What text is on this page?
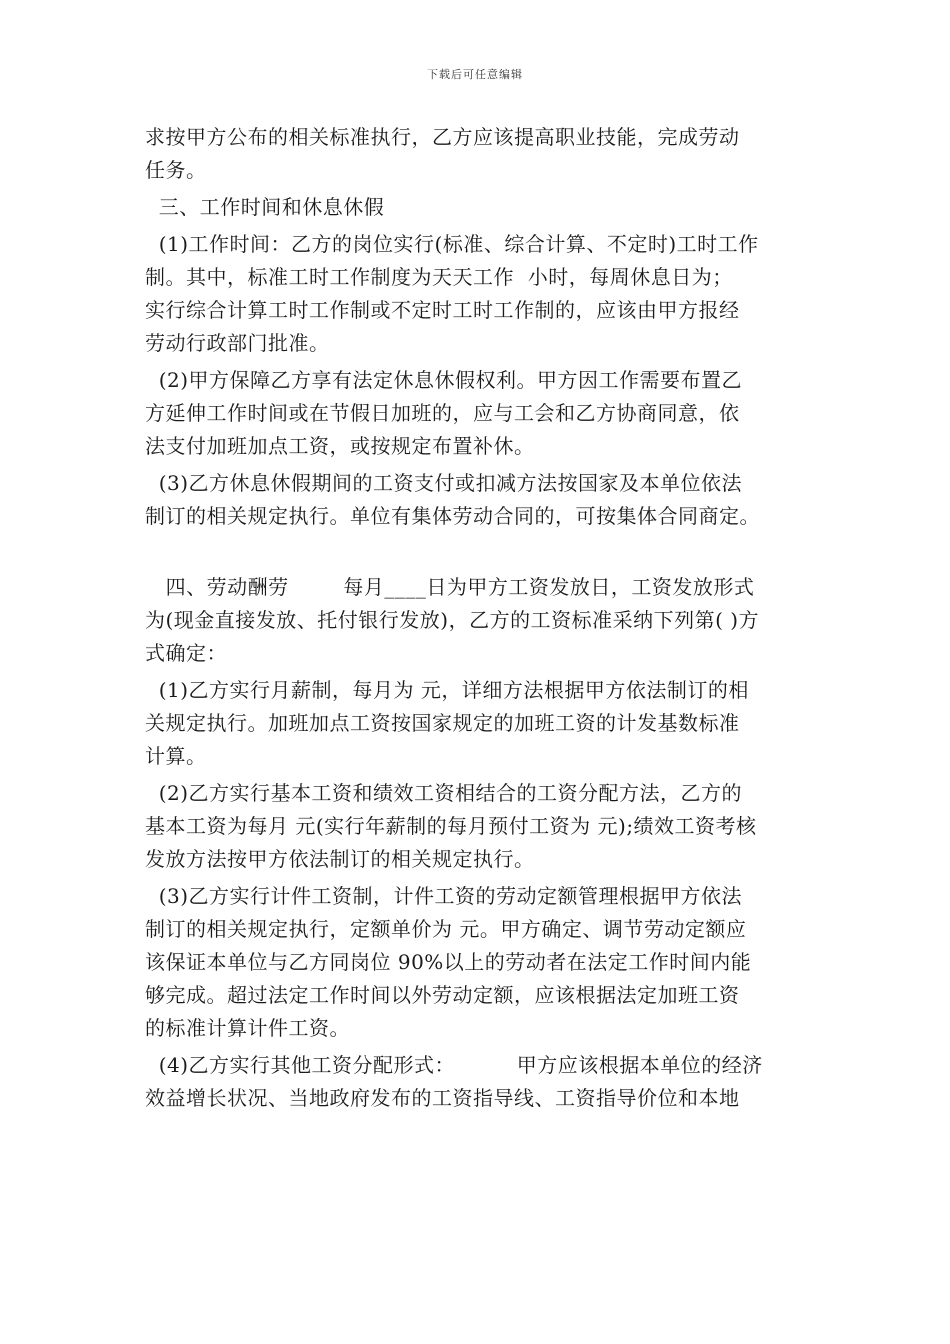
下载后可任意编辑
求按甲方公布的相关标准执行，乙方应该提高职业技能，完成劳动
任务。
三、工作时间和休息休假
(1)工作时间：乙方的岗位实行(标准、综合计算、不定时)工时工作
制。其中，标准工时工作制度为天天工作  小时，每周休息日为；
实行综合计算工时工作制或不定时工时工作制的，应该由甲方报经
劳动行政部门批准。
(2)甲方保障乙方享有法定休息休假权利。甲方因工作需要布置乙
方延伸工作时间或在节假日加班的，应与工会和乙方协商同意，依
法支付加班加点工资，或按规定布置补休。
(3)乙方休息休假期间的工资支付或扣减方法按国家及本单位依法
制订的相关规定执行。单位有集体劳动合同的，可按集体合同商定。
四、劳动酬劳        每月____日为甲方工资发放日，工资发放形式
为(现金直接发放、托付银行发放)，乙方的工资标准采纳下列第( )方
式确定：
(1)乙方实行月薪制，每月为 元，详细方法根据甲方依法制订的相
关规定执行。加班加点工资按国家规定的加班工资的计发基数标准
计算。
(2)乙方实行基本工资和绩效工资相结合的工资分配方法，乙方的
基本工资为每月 元(实行年薪制的每月预付工资为 元);绩效工资考核
发放方法按甲方依法制订的相关规定执行。
(3)乙方实行计件工资制，计件工资的劳动定额管理根据甲方依法
制订的相关规定执行，定额单价为 元。甲方确定、调节劳动定额应
该保证本单位与乙方同岗位 90%以上的劳动者在法定工作时间内能
够完成。超过法定工作时间以外劳动定额，应该根据法定加班工资
的标准计算计件工资。
(4)乙方实行其他工资分配形式：         甲方应该根据本单位的经济
效益增长状况、当地政府发布的工资指导线、工资指导价位和本地
